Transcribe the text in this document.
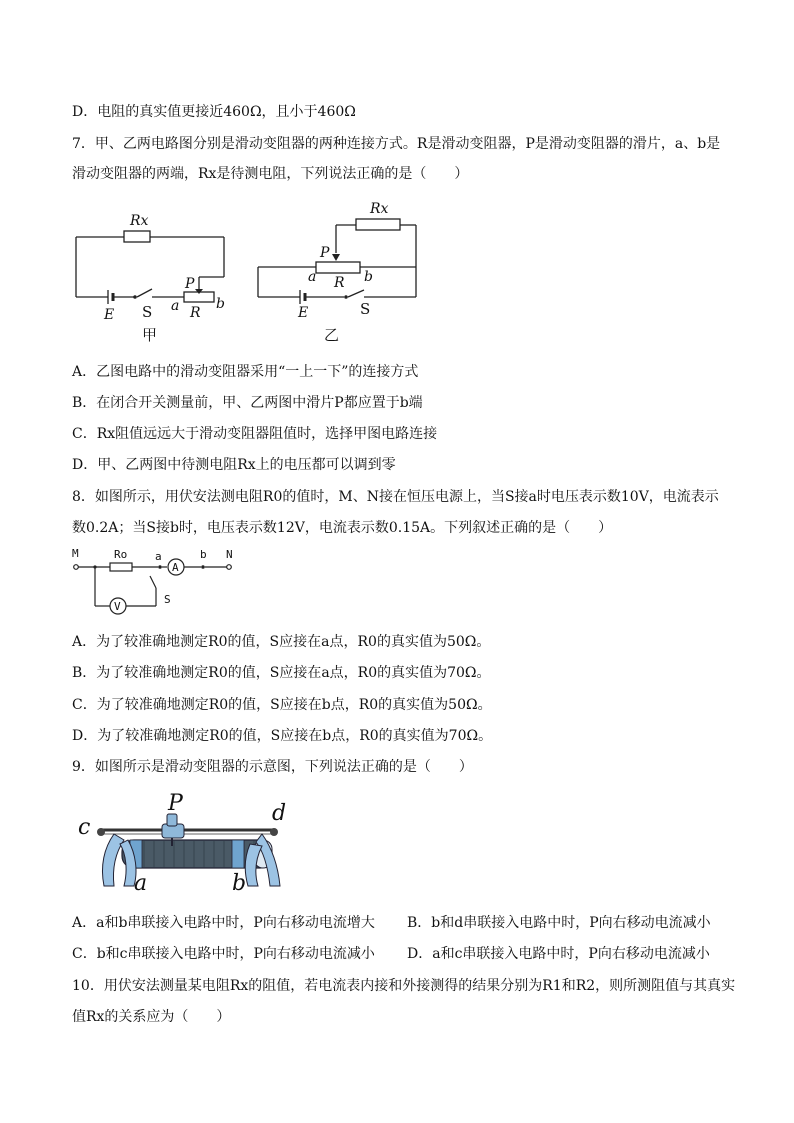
D．电阻的真实值更接近460Ω，且小于460Ω
7．甲、乙两电路图分别是滑动变阻器的两种连接方式。R是滑动变阻器，P是滑动变阻器的滑片，a、b是
滑动变阻器的两端，Rx是待测电阻，下列说法正确的是（　　）
Rx
P
a R
b
E S
甲
Rx
P
a R b
E	S
乙
A．乙图电路中的滑动变阻器采用“一上一下”的连接方式
B．在闭合开关测量前，甲、乙两图中滑片P都应置于b端
C．Rx阻值远远大于滑动变阻器阻值时，选择甲图电路连接
D．甲、乙两图中待测电阻Rx上的电压都可以调到零
8．如图所示，用伏安法测电阻R0的值时，M、N接在恒压电源上，当S接a时电压表示数10V，电流表示
数0.2A；当S接b时，电压表示数12V，电流表示数0.15A。下列叙述正确的是（　　）
M	Ro	a	b N
A
V
S
A．为了较准确地测定R0的值，S应接在a点，R0的真实值为50Ω。
B．为了较准确地测定R0的值，S应接在a点，R0的真实值为70Ω。
C．为了较准确地测定R0的值，S应接在b点，R0的真实值为50Ω。
D．为了较准确地测定R0的值，S应接在b点，R0的真实值为70Ω。
9．如图所示是滑动变阻器的示意图，下列说法正确的是（　　）
P
c
d
a	b
A．a和b串联接入电路中时，P向右移动电流增大 B．b和d串联接入电路中时，P向右移动电流减小
C．b和c串联接入电路中时，P向右移动电流减小 D．a和c串联接入电路中时，P向右移动电流减小
10．用伏安法测量某电阻Rx的阻值，若电流表内接和外接测得的结果分别为R1和R2，则所测阻值与其真实
值Rx的关系应为（　　）
